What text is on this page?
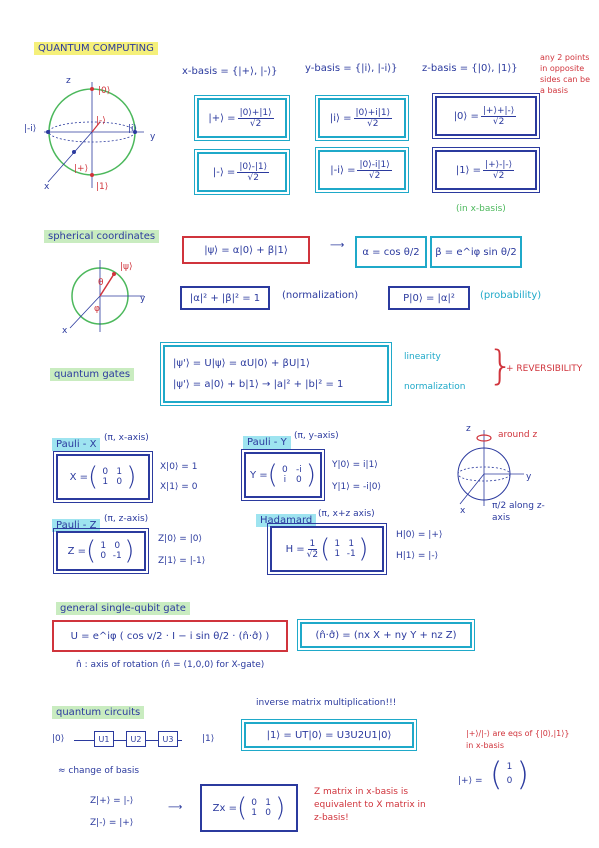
QUANTUM COMPUTING
x-basis = {|+⟩, |-⟩}	y-basis = {|i⟩, |-i⟩} z-basis = {|0⟩, |1⟩}
any 2 points in opposite sides can be a basis
z
|0⟩
|-⟩
|-i⟩	|i⟩
y
|+⟩
|1⟩
x
|+⟩ = $\frac{|0⟩+|1⟩}{√2}$	|i⟩ = $\frac{|0⟩+i|1⟩}{√2}$	|0⟩ = $\frac{|+⟩+|-⟩}{√2}$
|-⟩ = $\frac{|0⟩-|1⟩}{√2}$	|-i⟩ = $\frac{|0⟩-i|1⟩}{√2}$	|1⟩ = $\frac{|+⟩-|-⟩}{√2}$
(in x-basis)
spherical coordinates
|ψ⟩ = α|0⟩ + β|1⟩	⟶
α = cos θ/2	β = e^iφ sin θ/2
|ψ⟩
θ
φ
y
x
|α|² + |β|² = 1	(normalization)	P|0⟩ = |α|²	(probability)
quantum gates
|ψ'⟩ = U|ψ⟩ = αU|0⟩ + βU|1⟩
|ψ'⟩ = a|0⟩ + b|1⟩ → |a|² + |b|² = 1
linearity
normalization }
+ REVERSIBILITY
Pauli - X
(π, x-axis)
X = ( 0 1
1 0 )	X|0⟩ = 1
X|1⟩ = 0
Pauli - Y
(π, y-axis)
Y = ( 0 -i
i	0 ) Y|0⟩ = i|1⟩
Y|1⟩ = -i|0⟩
z
around z
y
x	π/2 along z-axis
Pauli - Z
(π, z-axis)
Z = ( 1 0
0 -1 )	Z|0⟩ = |0⟩
Z|1⟩ = |-1⟩
Hadamard
(π, x+z axis)
$H = \frac{1}{√2}$ ( 1 1
1 -1 )	H|0⟩ = |+⟩
H|1⟩ = |-⟩
general single-qubit gate
U = e^iφ ( cos v/2 · I − i sin θ/2 · (n̂·σ̂) )	(n̂·σ̂) = (nx X + ny Y + nz Z)
n̂ : axis of rotation (n̂ = (1,0,0) for X-gate)
quantum circuits
inverse matrix multiplication!!!
|0⟩	U1	U2	U3	|1⟩	|1⟩ = UT|0⟩ = U3U2U1|0⟩	|+⟩/|-⟩ are eqs of {|0⟩,|1⟩} in x-basis
|+⟩ = ( 1
0 )
≈ change of basis
Z|+⟩ = |-⟩
Z|-⟩ = |+⟩
⟶	Zx = ( 0 1
1 0 )
Z matrix in x-basis is equivalent to X matrix in z-basis!
